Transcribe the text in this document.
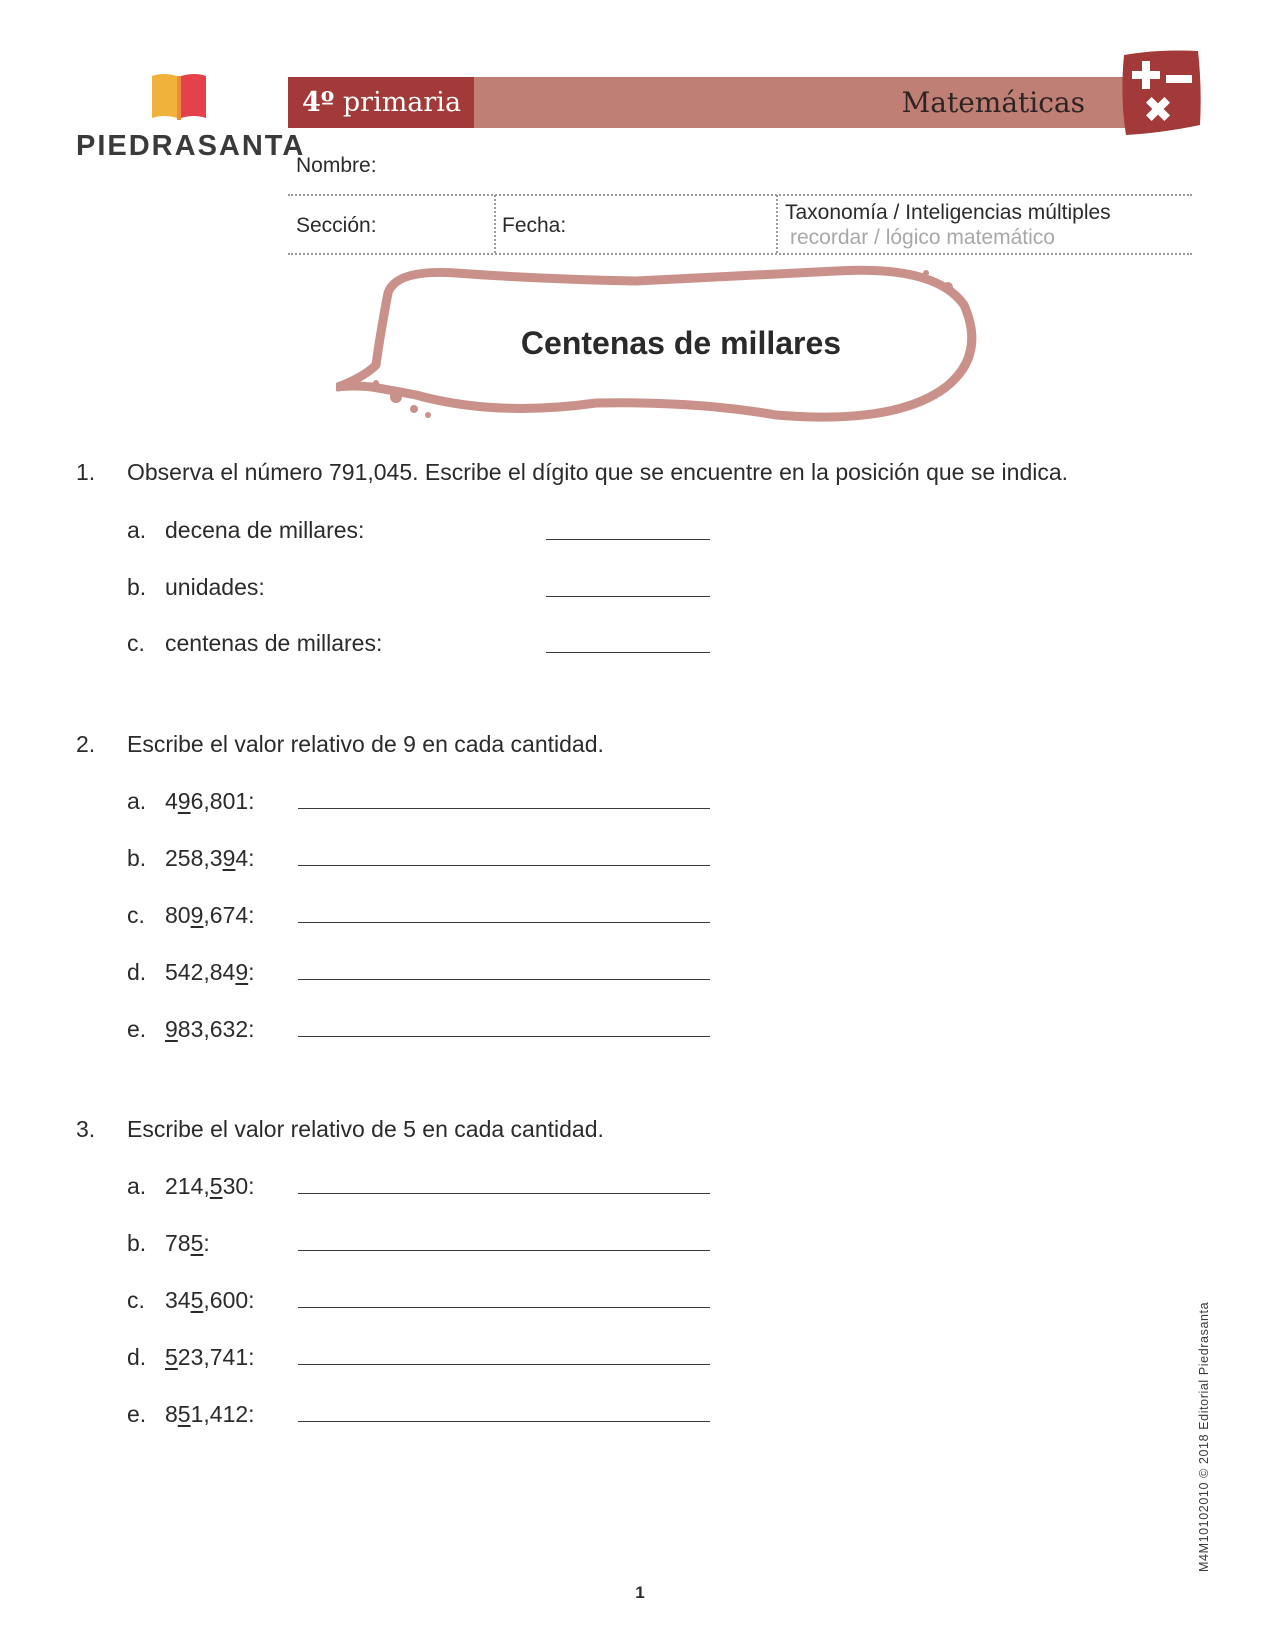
PIEDRASANTA
4º primaria	Matemáticas
Nombre:
Sección:	Fecha:
Taxonomía / Inteligencias múltiples
recordar / lógico matemático
Centenas de millares
1. Observa el número 791,045. Escribe el dígito que se encuentre en la posición que se indica.
a. decena de millares:
b. unidades:
c. centenas de millares:
2. Escribe el valor relativo de 9 en cada cantidad.
a. 496,801:
b. 258,394:
c. 809,674:
d. 542,849:
e. 983,632:
3. Escribe el valor relativo de 5 en cada cantidad.
a. 214,530:
b. 785:
c. 345,600:
d. 523,741:
e. 851,412:	M4M10102010 © 2018 Editorial Piedrasanta
1
